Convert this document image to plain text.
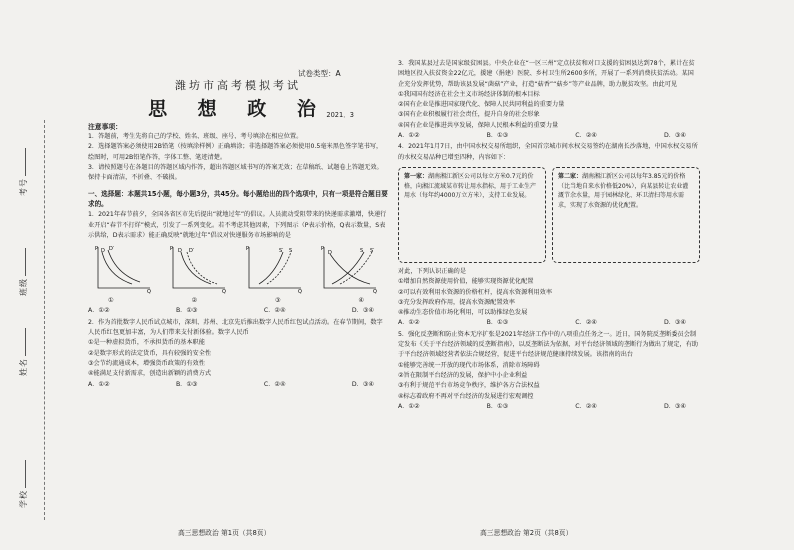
学校
姓名
班级
考号
试卷类型：A
潍坊市高考模拟考试
思 想 政 治
2021．3
注意事项：

1．答题前，考生先将自己的学校、姓名、班级、座号、考号填涂在相应位置。

2．选择题答案必须使用2B铅笔（按填涂样例）正确填涂；非选择题答案必须使用0.5毫米黑色签字笔书写，绘图时，可用2B铅笔作答，字体工整、笔迹清楚。

3．请按照题号在各题目的答题区域内作答，超出答题区域书写的答案无效；在草稿纸、试题卷上答题无效。保持卡面清洁，不折叠、不破损。

一、选择题：本题共15小题，每小题3分，共45分。每小题给出的四个选项中，只有一项是符合题目要求的。

1．2021年春节前夕，全国各省区市先后提出“就地过年”的倡议。人员流动受阻带来的快递需求激增，快递行业开启“春节不打烊”模式，引发了一系列变化。若不考虑其他因素，下列图示（P表示价格，Q表示数量，S表示供给，D表示需求）能正确反映“就地过年”倡议对快递服务市场影响的是

P
Q
D D′	P
Q
D D′	P
Q
S′ S	P
Q
D	S S′
①	②	③	④
A．①②	B．①③	C．②④	D．③④

2．作为首批数字人民币试点城市，深圳、苏州、北京先后推出数字人民币红包试点活动。在春节期间，数字人民币红包更加丰富，为人们带来支付新体验。数字人民币

①是一种虚拟货币，不承担货币的基本职能

②是数字形式的法定货币，具有较强的安全性

③会节约流通成本，增强货币政策的有效性

④能满足支付新需求，创造出新颖的消费方式

A．①②	B．①③	C．②④	D．③④

3．我国某县过去是国家级贫困县。中央企业在“一区三州”定点扶贫和对口支援的贫困县达到78个，累计在贫困地区投入扶贫资金22亿元，援建（捐建）医院、乡村卫生所2600多所，开展了一系列消费扶贫活动。某国企充分发挥优势，帮助该县发展“菌菇”产业，打造“菇香”“菇乡”等产业品牌，助力脱贫攻坚。由此可见

①我国国有经济在社会主义市场经济体制的根本目标

②国有企业是推进国家现代化、保障人民共同利益的重要力量

③国有企业积极履行社会责任，提升自身的社会形象

④国有企业是推进共享发展，保障人民根本利益的重要力量

A．①②	B．①③	C．②④	D．③④

4．2021年1月7日，由中国水权交易所组织，全国首宗城市间水权交易签约在湖南长沙落地，中国水权交易所的水权交易品种已增至四种，内容如下：

第一家：湖南湘江新区公司以每立方米0.7元的价格，向湘江流域某市转让用水指标，用于工业生产用水（每年约4000万立方米），支持工业发展。
第二家：湖南湘江新区公司以每年3.85元的价格（比当地自来水价格低20%），向某县转让农业灌溉节余水量，用于园林绿化、环卫清扫等用水需求，实现了水资源的优化配置。

对此，下列认识正确的是

①增加自然资源使用价值，能够实现资源优化配置

②可以有效利用水资源的价格杠杆，提高水资源利用效率

③充分发挥政府作用，提高水资源配置效率

④推动生态价值市场化利用，可以助推绿色发展

A．①②	B．①③	C．②④	D．③④

5．强化反垄断和防止资本无序扩张是2021年经济工作中的八项重点任务之一。近日，国务院反垄断委员会制定发布《关于平台经济领域的反垄断指南》，以反垄断法为依据，对平台经济领域的垄断行为做出了规定，有助于平台经济领域经营者依法合规经营，促进平台经济规范健康持续发展。该指南的出台

①能够完善统一开放的现代市场体系，消除市场障碍

②旨在限制平台经济的发展，保护中小企业利益

③有利于规范平台市场竞争秩序，维护各方合法权益

④标志着政府不再对平台经济的发展进行宏观调控

A．①②	B．①③	C．②④	D．③④
高三思想政治 第1页（共8页）	高三思想政治 第2页（共8页）
